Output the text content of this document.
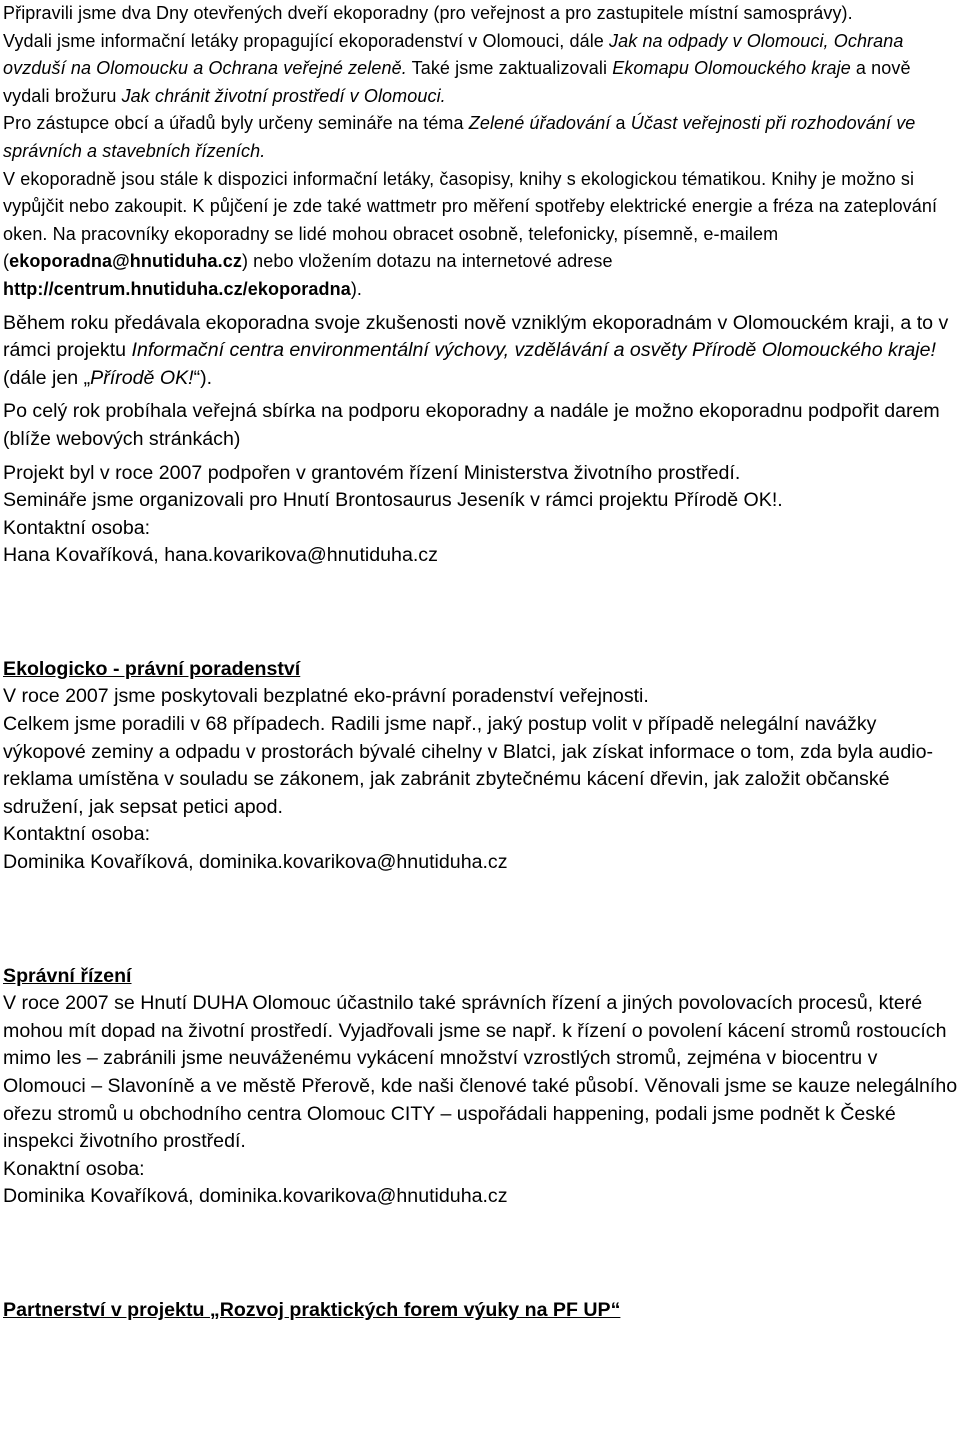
Připravili jsme dva Dny otevřených dveří ekoporadny (pro veřejnost a pro zastupitele místní samosprávy).

Vydali jsme informační letáky propagující ekoporadenství v Olomouci, dále Jak na odpady v Olomouci, Ochrana ovzduší na Olomoucku a Ochrana veřejné zeleně. Také jsme zaktualizovali Ekomapu Olomouckého kraje a nově vydali brožuru Jak chránit životní prostředí v Olomouci.

Pro zástupce obcí a úřadů byly určeny semináře na téma Zelené úřadování a Účast veřejnosti při rozhodování ve správních a stavebních řízeních.

V ekoporadně jsou stále k dispozici informační letáky, časopisy, knihy s ekologickou tématikou. Knihy je možno si vypůjčit nebo zakoupit. K půjčení je zde také wattmetr pro měření spotřeby elektrické energie a fréza na zateplování oken. Na pracovníky ekoporadny se lidé mohou obracet osobně, telefonicky, písemně, e-mailem (ekoporadna@hnutiduha.cz) nebo vložením dotazu na internetové adrese http://centrum.hnutiduha.cz/ekoporadna).

Během roku předávala ekoporadna svoje zkušenosti nově vzniklým ekoporadnám v Olomouckém kraji, a to v rámci projektu Informační centra environmentální výchovy, vzdělávání a osvěty Přírodě Olomouckého kraje! (dále jen „Přírodě OK!“).

Po celý rok probíhala veřejná sbírka na podporu ekoporadny a nadále je možno ekoporadnu podpořit darem (blíže webových stránkách)

Projekt byl v roce 2007 podpořen v grantovém řízení Ministerstva životního prostředí.

Semináře jsme organizovali pro Hnutí Brontosaurus Jeseník v rámci projektu Přírodě OK!.

Kontaktní osoba:

Hana Kovaříková, hana.kovarikova@hnutiduha.cz

Ekologicko - právní poradenství

V roce 2007 jsme poskytovali bezplatné eko-právní poradenství veřejnosti.

Celkem jsme poradili v 68 případech. Radili jsme např., jaký postup volit v případě nelegální navážky výkopové zeminy a odpadu v prostorách bývalé cihelny v Blatci, jak získat informace o tom, zda byla audio-reklama umístěna v souladu se zákonem, jak zabránit zbytečnému kácení dřevin, jak založit občanské sdružení, jak sepsat petici apod.

Kontaktní osoba:

Dominika Kovaříková, dominika.kovarikova@hnutiduha.cz

Správní řízení

V roce 2007 se Hnutí DUHA Olomouc účastnilo také správních řízení a jiných povolovacích procesů, které mohou mít dopad na životní prostředí. Vyjadřovali jsme se např. k řízení o povolení kácení stromů rostoucích mimo les – zabránili jsme neuváženému vykácení množství vzrostlých stromů, zejména v biocentru v Olomouci – Slavoníně a ve městě Přerově, kde naši členové také působí. Věnovali jsme se kauze nelegálního ořezu stromů u obchodního centra Olomouc CITY – uspořádali happening, podali jsme podnět k České inspekci životního prostředí.

Konaktní osoba:

Dominika Kovaříková, dominika.kovarikova@hnutiduha.cz

Partnerství v projektu „Rozvoj praktických forem výuky na PF UP“
